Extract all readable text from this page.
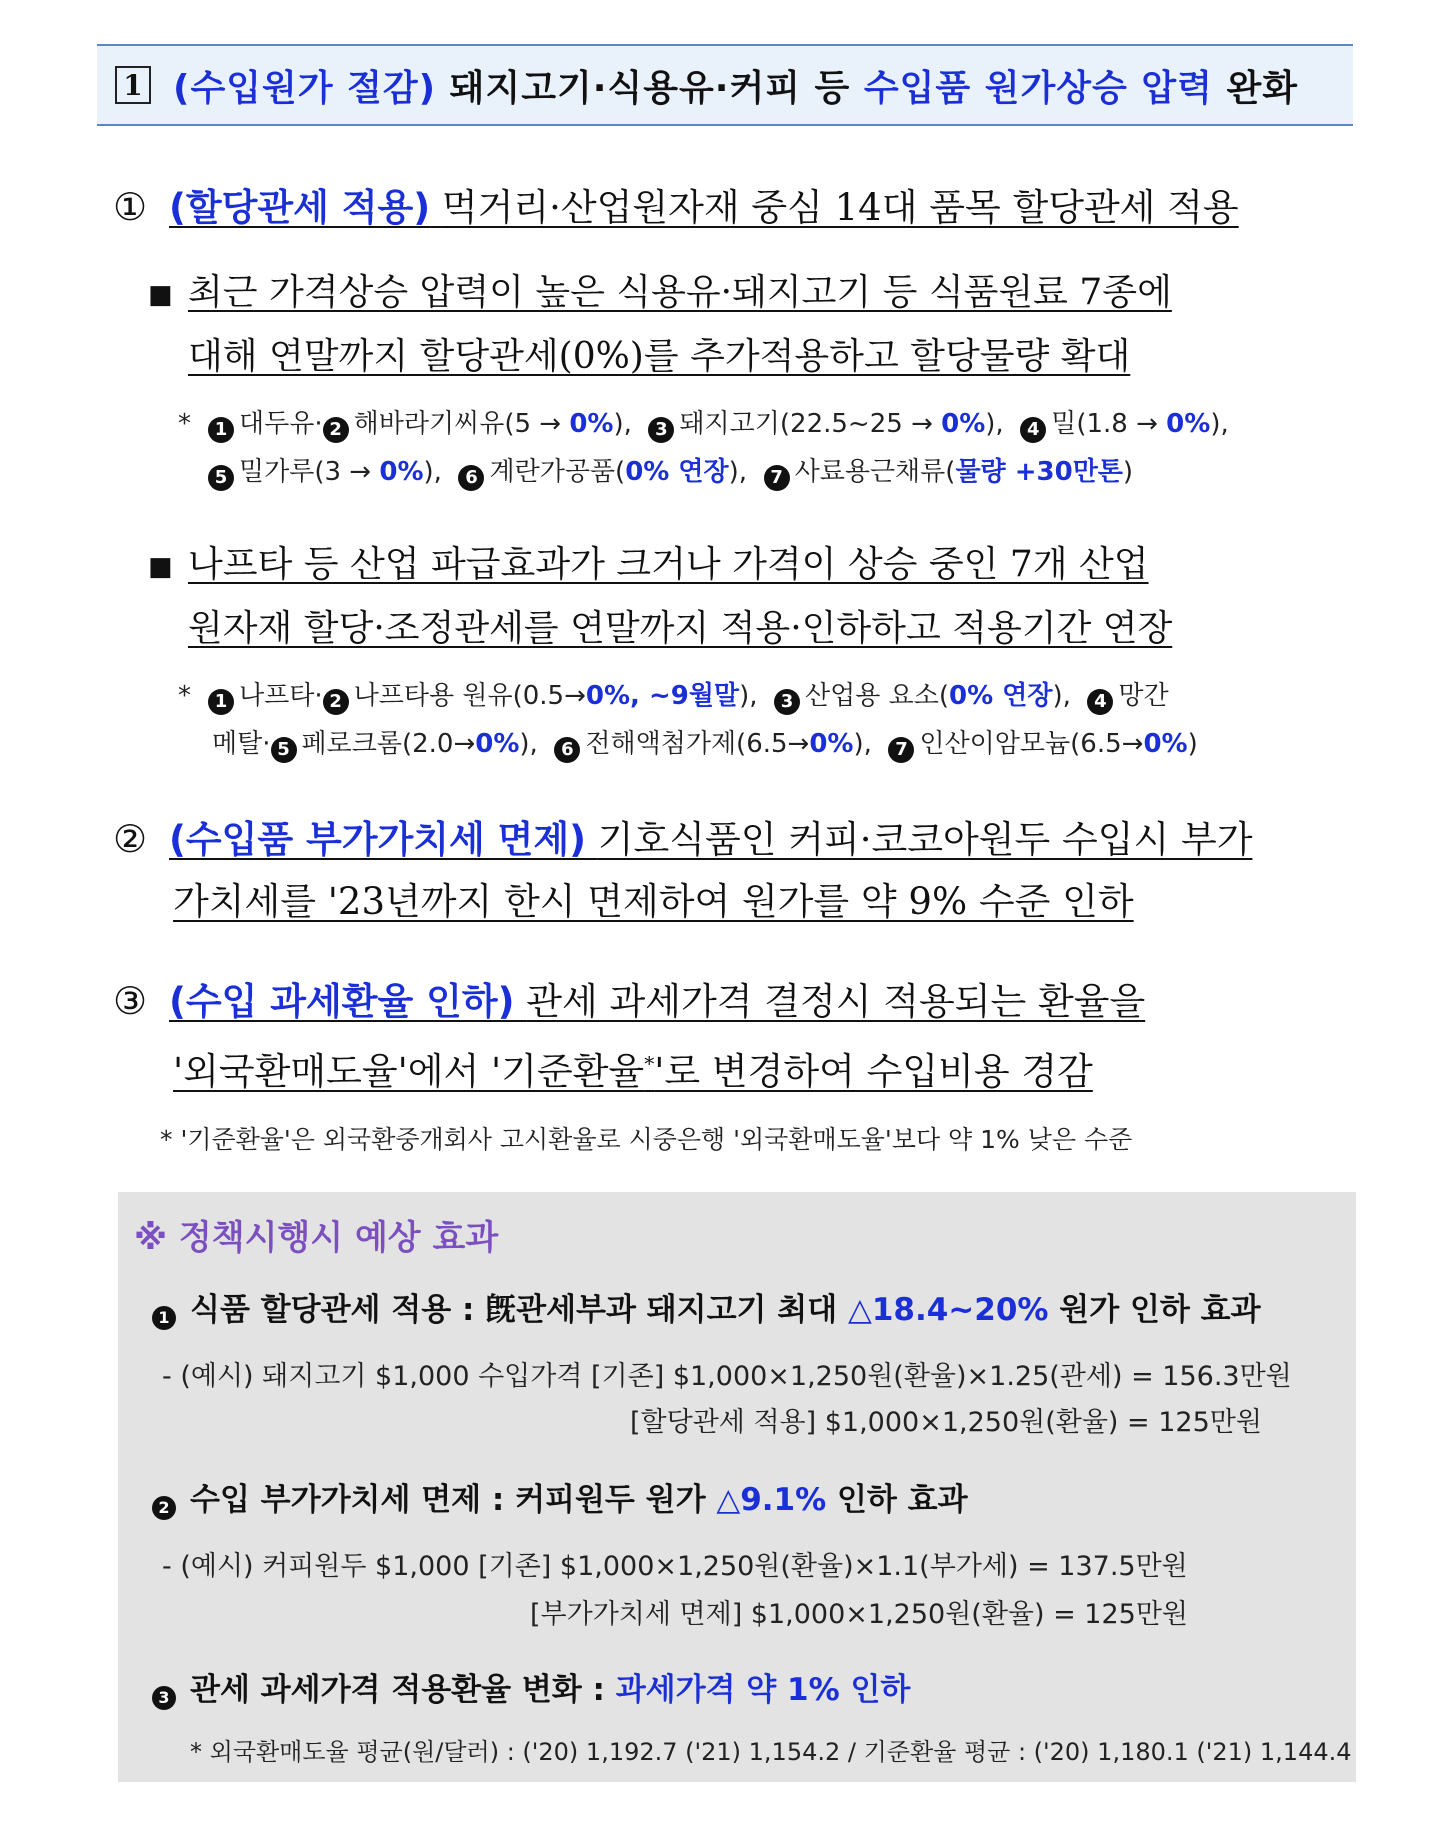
1 (수입원가 절감) 돼지고기·식용유·커피 등 수입품 원가상승 압력 완화
① (할당관세 적용) 먹거리·산업원자재 중심 14대 품목 할당관세 적용
■ 최근 가격상승 압력이 높은 식용유·돼지고기 등 식품원료 7종에
대해 연말까지 할당관세(0%)를 추가적용하고 할당물량 확대
* 1 대두유· 2 해바라기씨유(5 → 0%), 3 돼지고기(22.5~25 → 0%), 4 밀(1.8 → 0%),
5 밀가루(3 → 0%), 6 계란가공품(0% 연장), 7 사료용근채류(물량 +30만톤)
■ 나프타 등 산업 파급효과가 크거나 가격이 상승 중인 7개 산업
원자재 할당·조정관세를 연말까지 적용·인하하고 적용기간 연장
* 1 나프타· 2 나프타용 원유(0.5→0%, ~9월말), 3 산업용 요소(0% 연장), 4 망간
메탈· 5 페로크롬(2.0→0%), 6 전해액첨가제(6.5→0%), 7 인산이암모늄(6.5→0%)
② (수입품 부가가치세 면제) 기호식품인 커피·코코아원두 수입시 부가
가치세를 '23년까지 한시 면제하여 원가를 약 9% 수준 인하
③ (수입 과세환율 인하) 관세 과세가격 결정시 적용되는 환율을
'외국환매도율'에서 '기준환율*'로 변경하여 수입비용 경감
* '기준환율'은 외국환중개회사 고시환율로 시중은행 '외국환매도율'보다 약 1% 낮은 수준
※ 정책시행시 예상 효과
1 식품 할당관세 적용 : 旣관세부과 돼지고기 최대 △18.4~20% 원가 인하 효과
- (예시) 돼지고기 $1,000 수입가격 [기존] $1,000×1,250원(환율)×1.25(관세) = 156.3만원
[할당관세 적용] $1,000×1,250원(환율) = 125만원
2 수입 부가가치세 면제 : 커피원두 원가 △9.1% 인하 효과
- (예시) 커피원두 $1,000 [기존] $1,000×1,250원(환율)×1.1(부가세) = 137.5만원
[부가가치세 면제] $1,000×1,250원(환율) = 125만원
3 관세 과세가격 적용환율 변화 : 과세가격 약 1% 인하
* 외국환매도율 평균(원/달러) : ('20) 1,192.7 ('21) 1,154.2 / 기준환율 평균 : ('20) 1,180.1 ('21) 1,144.4
